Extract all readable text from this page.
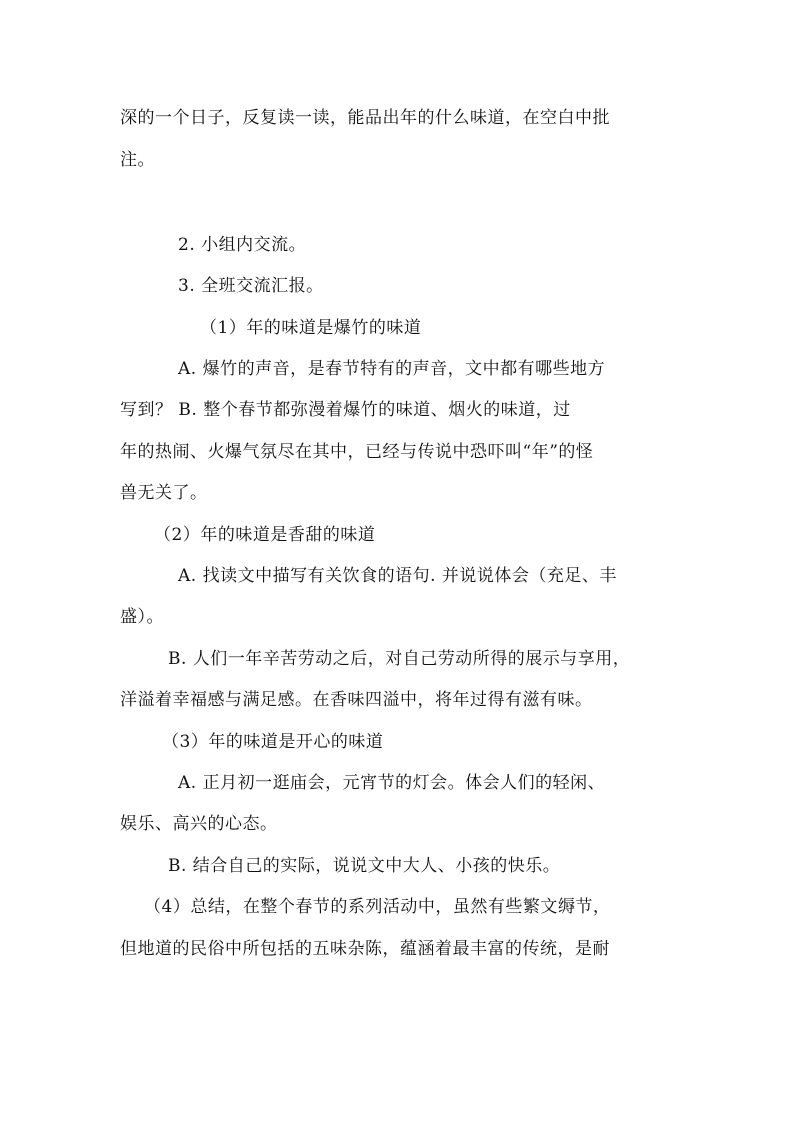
深的一个日子，反复读一读，能品出年的什么味道，在空白中批
注。
2. 小组内交流。
3. 全班交流汇报。
（1）年的味道是爆竹的味道
A. 爆竹的声音，是春节特有的声音，文中都有哪些地方
写到？ B. 整个春节都弥漫着爆竹的味道、烟火的味道，过
年的热闹、火爆气氛尽在其中，已经与传说中恐吓叫“年”的怪
兽无关了。
（2）年的味道是香甜的味道
A. 找读文中描写有关饮食的语句. 并说说体会（充足、丰
盛）。
B. 人们一年辛苦劳动之后，对自己劳动所得的展示与享用，
洋溢着幸福感与满足感。在香味四溢中，将年过得有滋有味。
（3）年的味道是开心的味道
A. 正月初一逛庙会，元宵节的灯会。体会人们的轻闲、
娱乐、高兴的心态。
B. 结合自己的实际，说说文中大人、小孩的快乐。
（4）总结，在整个春节的系列活动中，虽然有些繁文缛节，
但地道的民俗中所包括的五味杂陈，蕴涵着最丰富的传统，是耐
